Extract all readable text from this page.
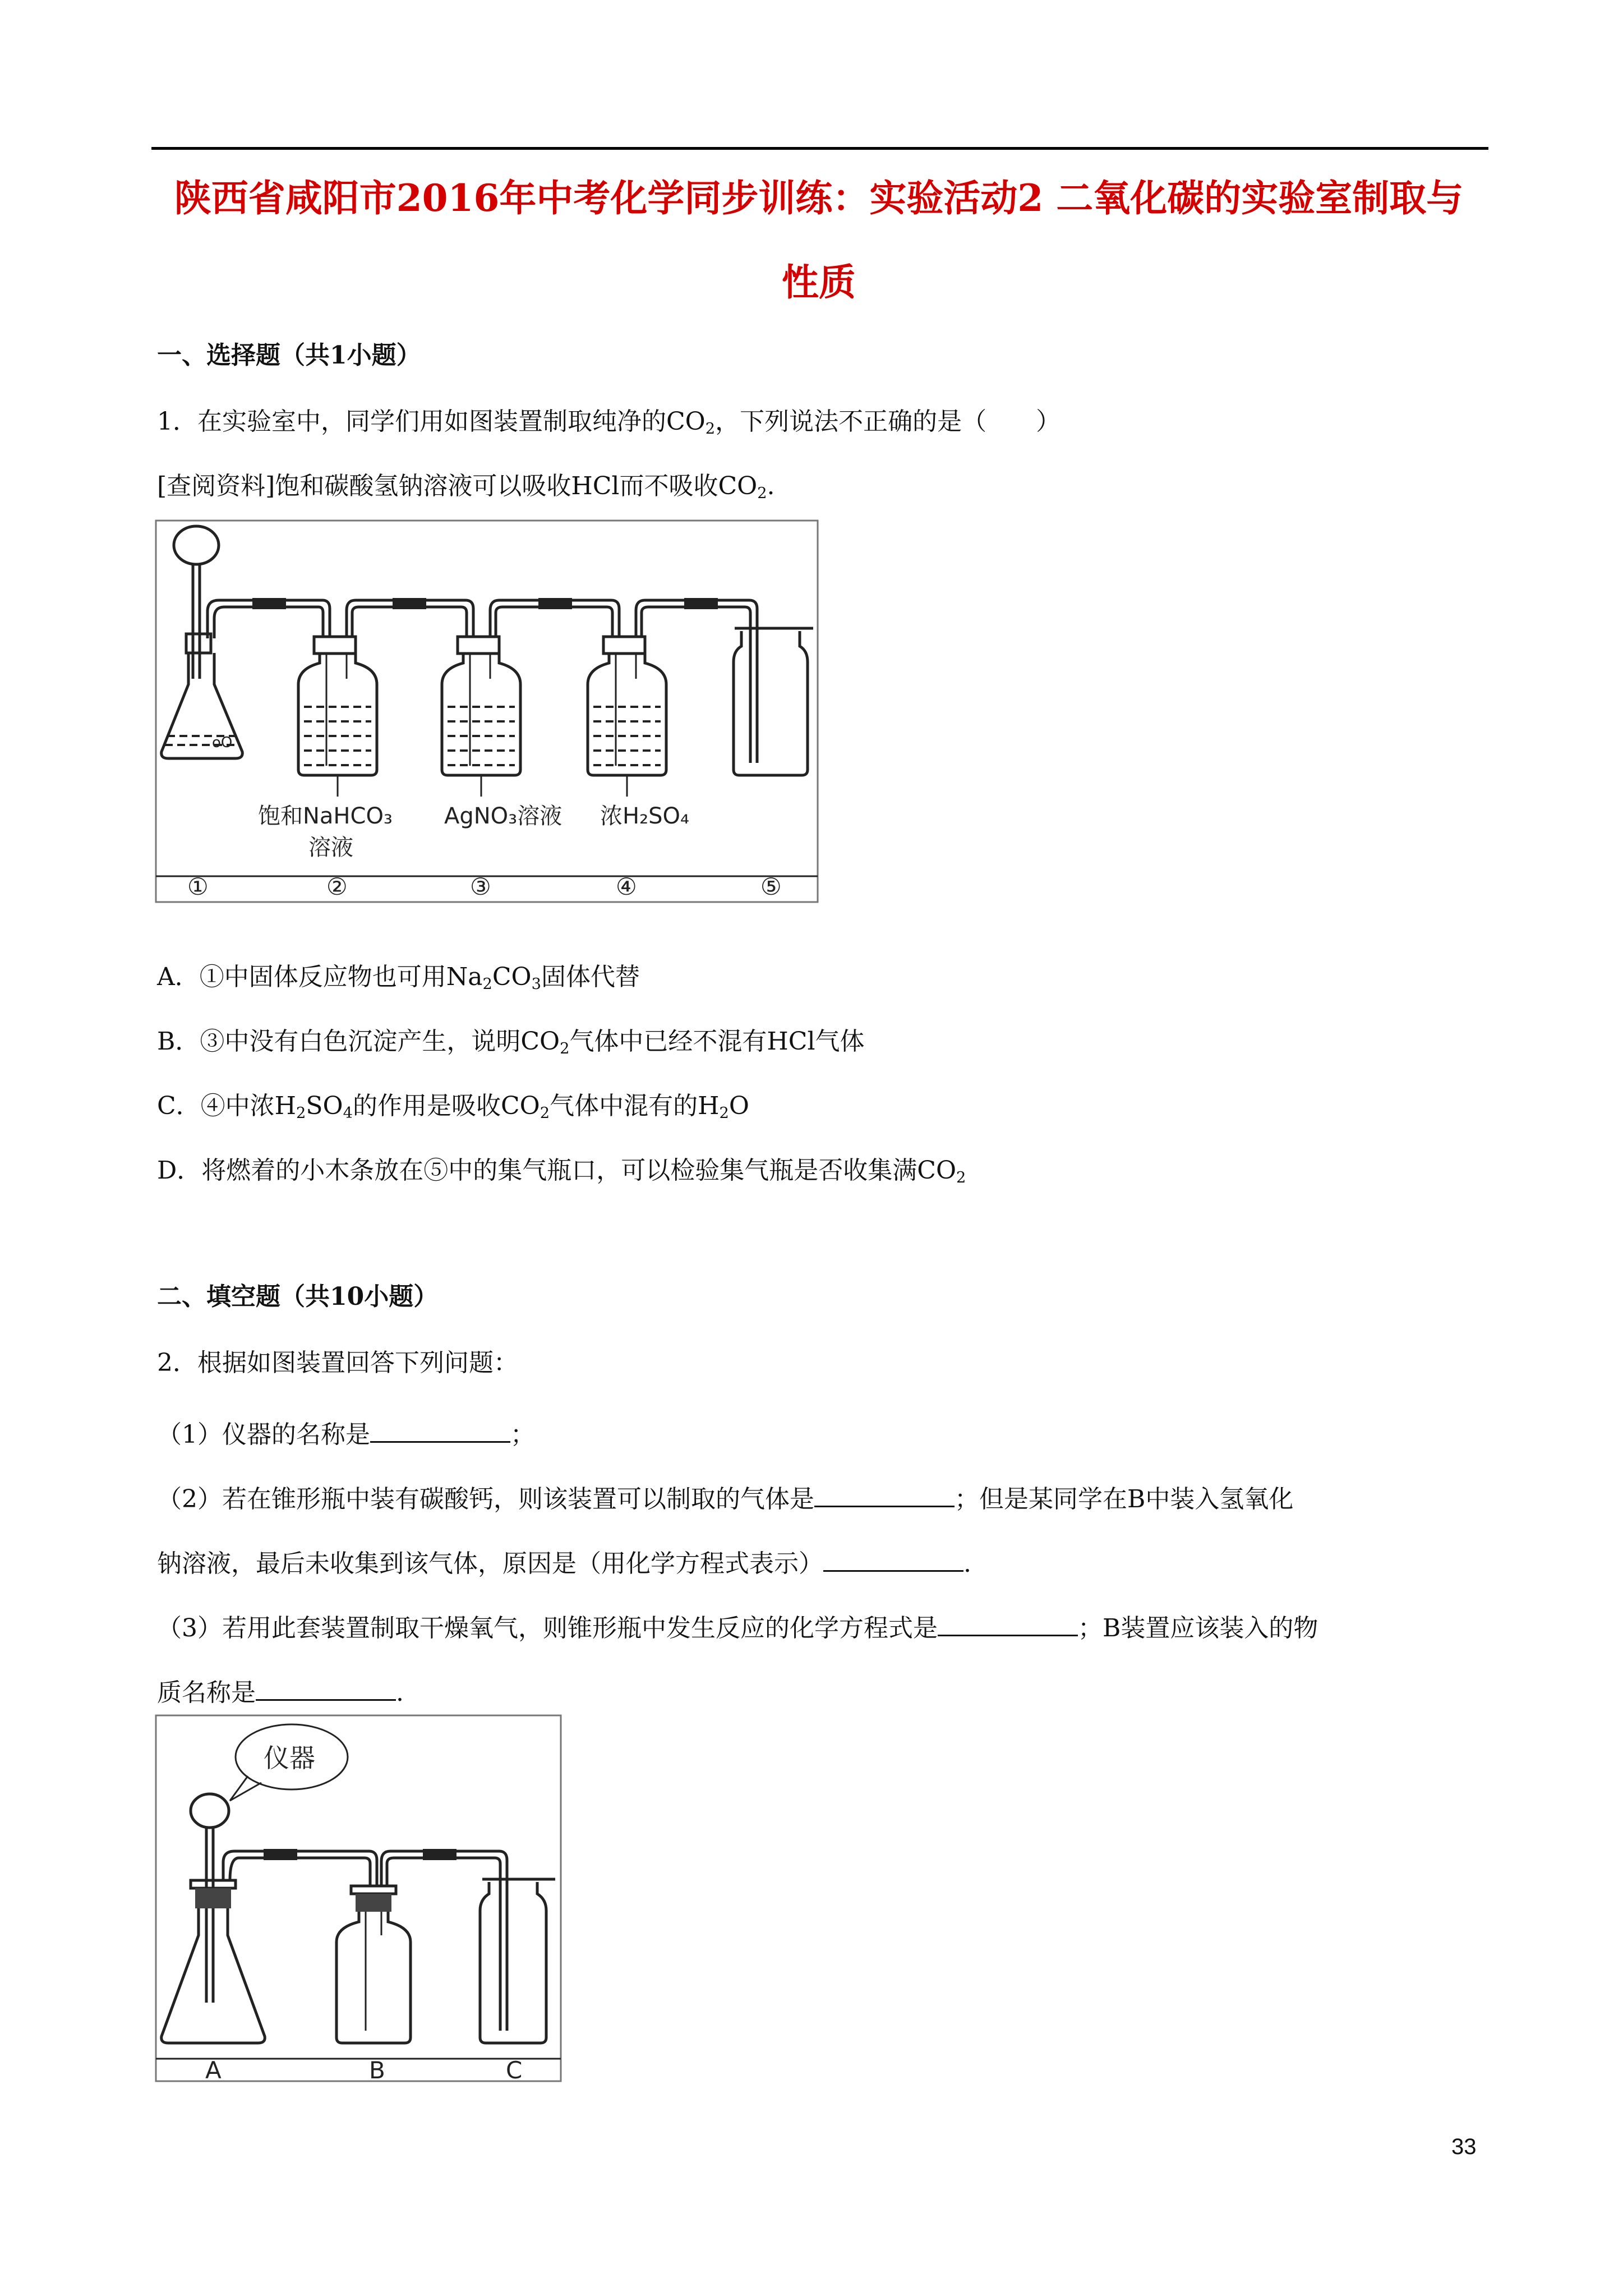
陕西省咸阳市2016年中考化学同步训练：实验活动2 二氧化碳的实验室制取与
性质
一、选择题（共1小题）
1．在实验室中，同学们用如图装置制取纯净的$CO_2$，下列说法不正确的是（　　）
[查阅资料]饱和碳酸氢钠溶液可以吸收HCl而不吸收$CO_2$.
oO
饱和NaHCO₃
溶液
AgNO₃溶液 浓H₂SO₄
①	②	③	④	⑤
A．①中固体反应物也可用$Na_2CO_3$固体代替
B．③中没有白色沉淀产生，说明$CO_2$气体中已经不混有HCl气体
C．④中浓$H_2SO_4$的作用是吸收$CO_2$气体中混有的$H_2O$
D．将燃着的小木条放在⑤中的集气瓶口，可以检验集气瓶是否收集满$CO_2$
二、填空题（共10小题）
2．根据如图装置回答下列问题：
（1）仪器的名称是	；
（2）若在锥形瓶中装有碳酸钙，则该装置可以制取的气体是	；但是某同学在B中装入氢氧化
钠溶液，最后未收集到该气体，原因是（用化学方程式表示）	.
（3）若用此套装置制取干燥氧气，则锥形瓶中发生反应的化学方程式是	；B装置应该装入的物
质名称是	.
仪器
A	B	C
33
